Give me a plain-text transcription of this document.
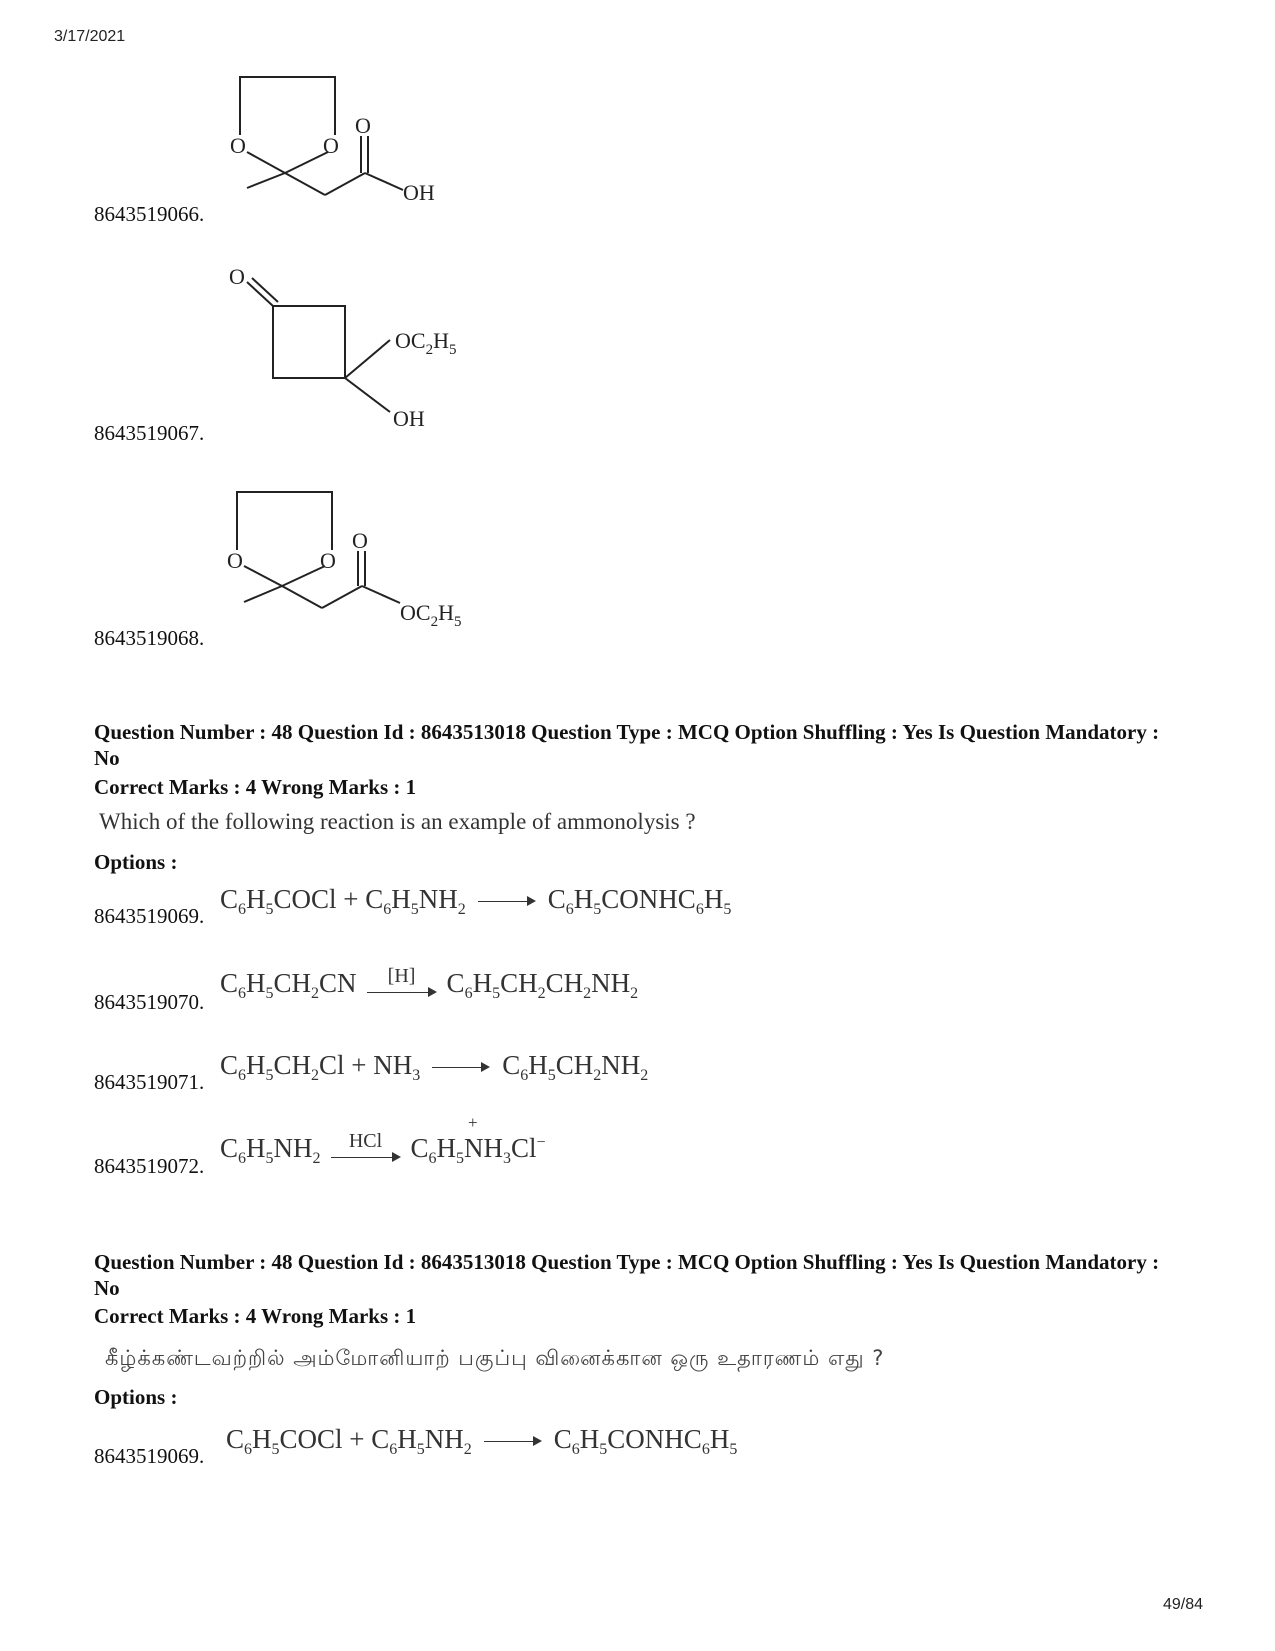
3/17/2021
49/84
O	O
O
OH
8643519066.
O
$OC_2H_5$
OH
8643519067.
O	O
O
$OC_2H_5$
8643519068.
Question Number : 48 Question Id : 8643513018 Question Type : MCQ Option Shuffling : Yes Is Question Mandatory : No
Correct Marks : 4 Wrong Marks : 1
Which of the following reaction is an example of ammonolysis ?
Options :
8643519069.
$C_6H_5COCl + C_6H_5NH_2$	$C_6H_5CONHC_6H_5$
8643519070.
$C_6H_5CH_2CN$ [H] $C_6H_5CH_2CH_2NH_2$
8643519071.
$C_6H_5CH_2Cl + NH_3$	$C_6H_5CH_2NH_2$
8643519072.
$C_6H_5NH_2$
HCl $C_6H_5N$
+
$H_3Cl^-$
Question Number : 48 Question Id : 8643513018 Question Type : MCQ Option Shuffling : Yes Is Question Mandatory : No
Correct Marks : 4 Wrong Marks : 1
கீழ்க்கண்டவற்றில் அம்மோனியாற் பகுப்பு வினைக்கான ஒரு உதாரணம் எது ?
Options :
8643519069.
$C_6H_5COCl + C_6H_5NH_2$	$C_6H_5CONHC_6H_5$
